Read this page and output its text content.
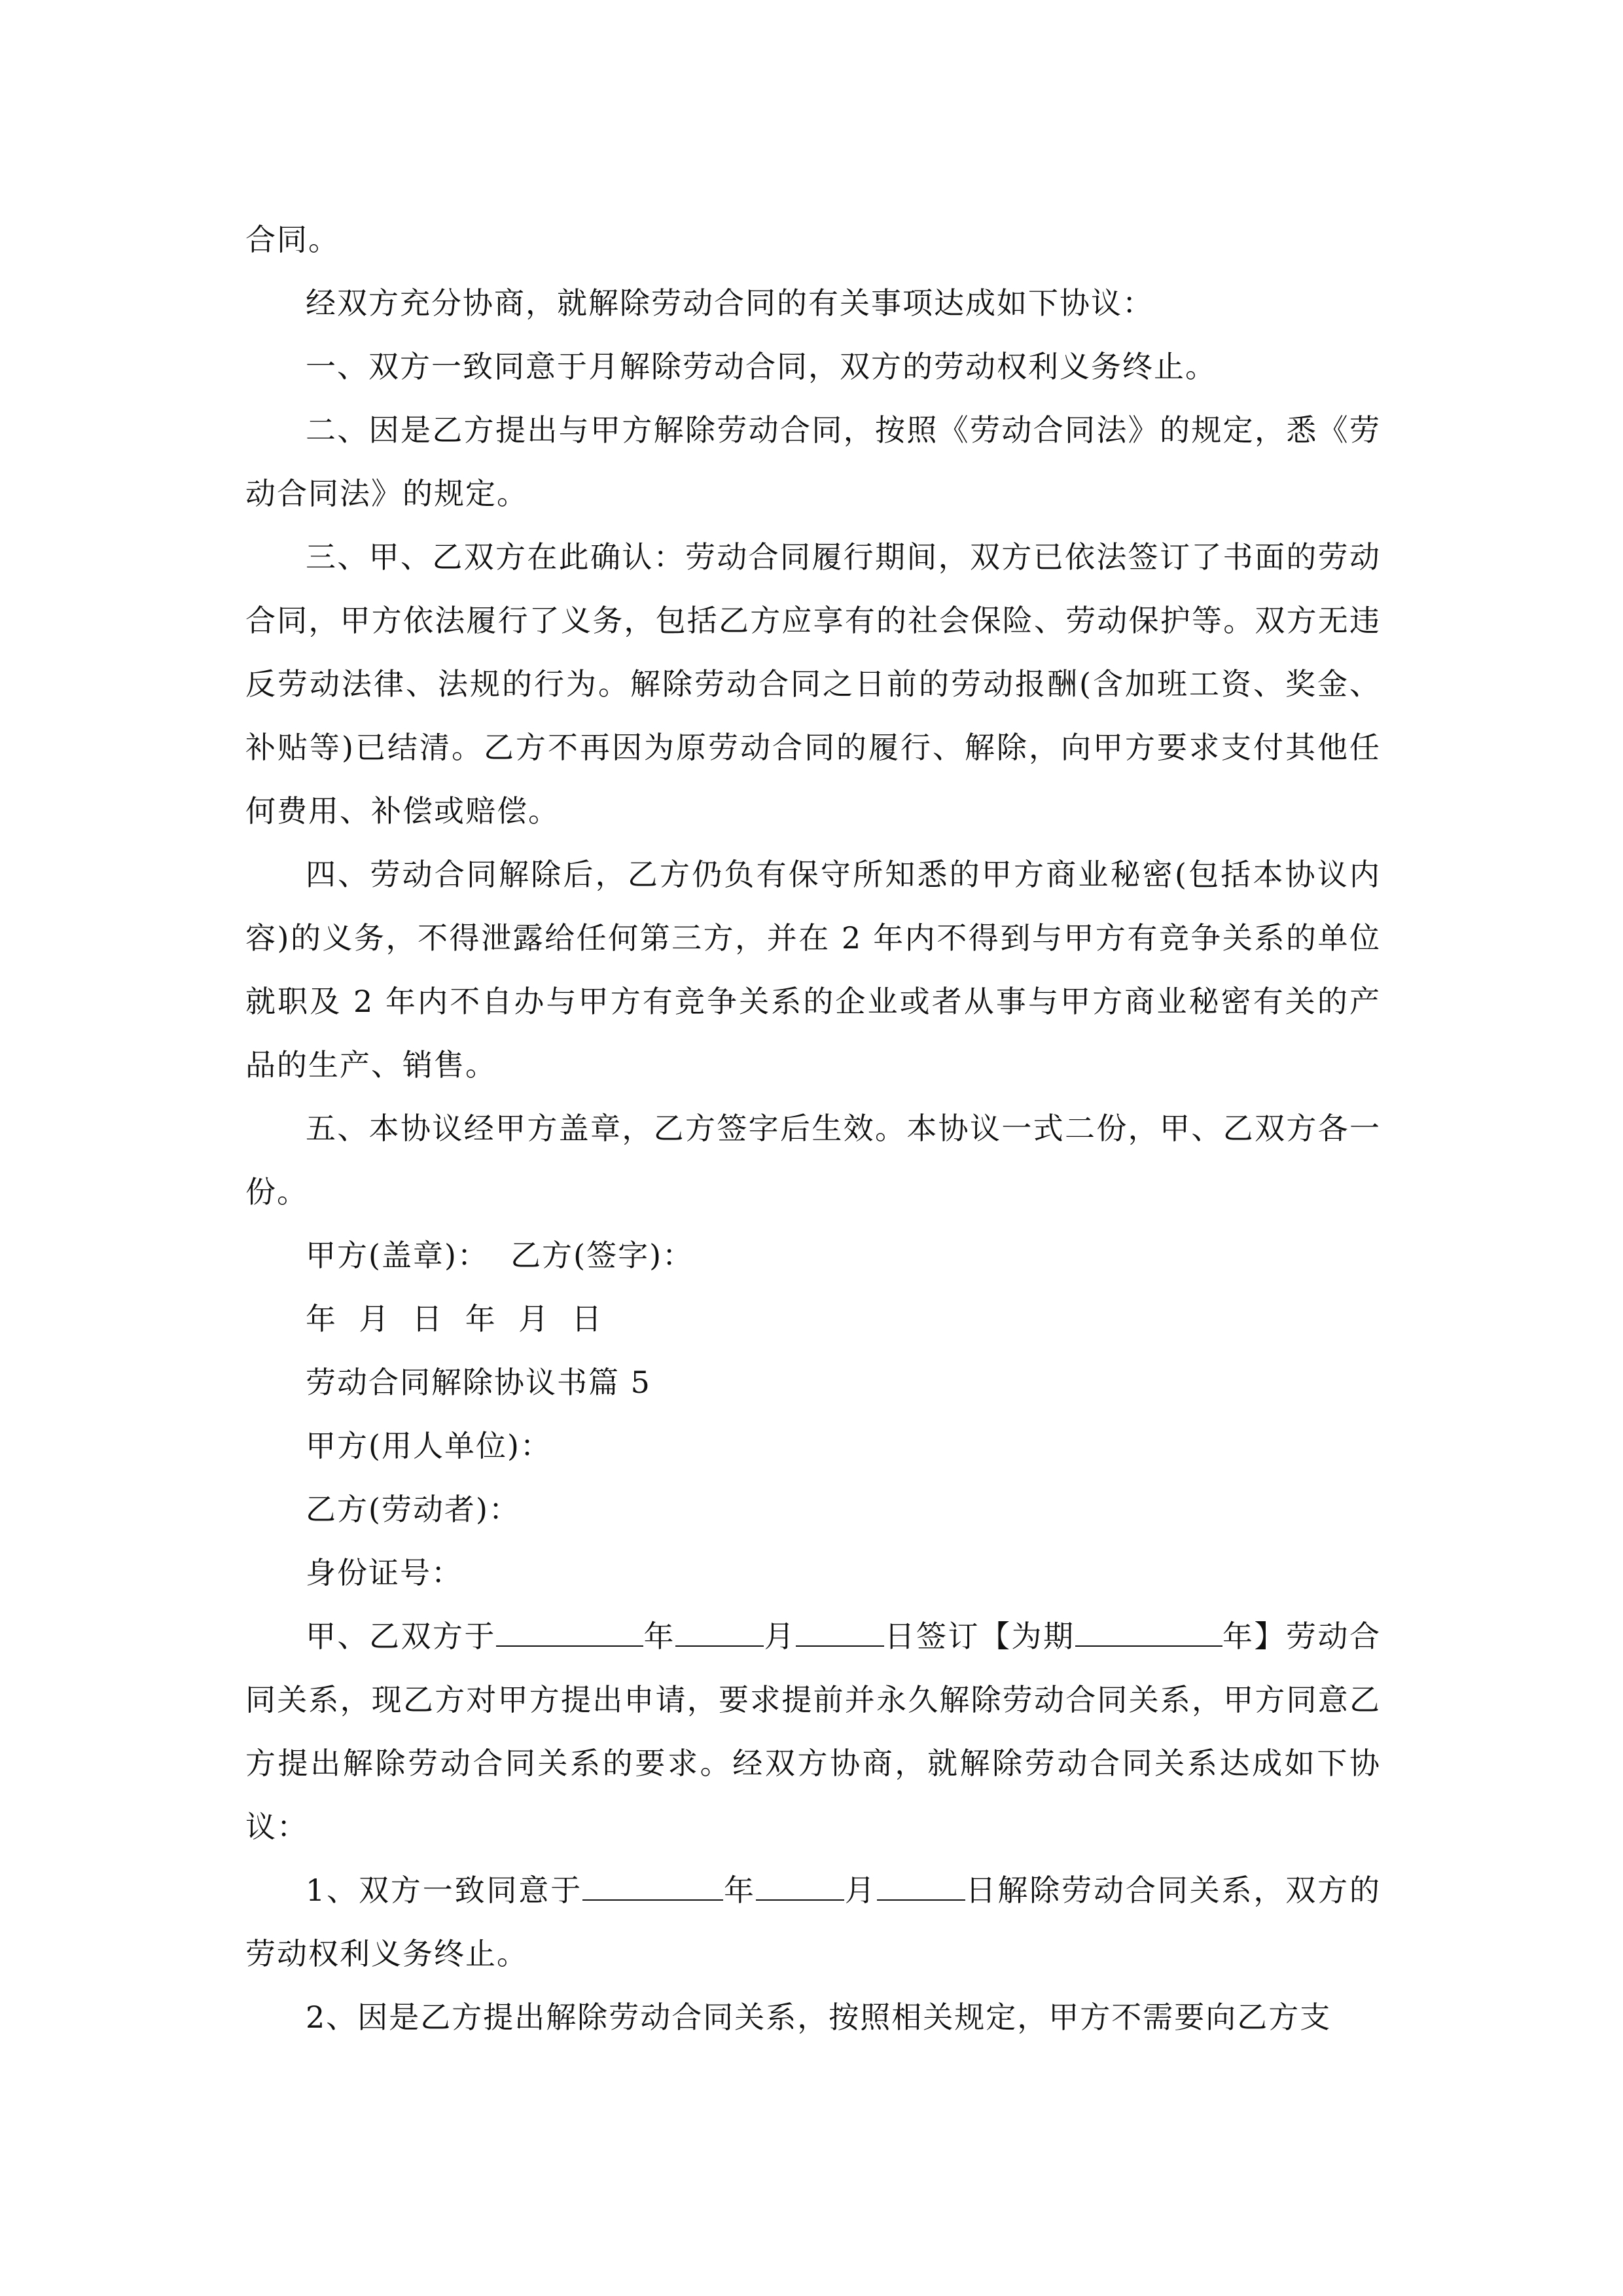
合同。

经双方充分协商，就解除劳动合同的有关事项达成如下协议：

一、双方一致同意于月解除劳动合同，双方的劳动权利义务终止。

二、因是乙方提出与甲方解除劳动合同，按照《劳动合同法》的规定，悉《劳动合同法》的规定。

三、甲、乙双方在此确认：劳动合同履行期间，双方已依法签订了书面的劳动合同，甲方依法履行了义务，包括乙方应享有的社会保险、劳动保护等。双方无违反劳动法律、法规的行为。解除劳动合同之日前的劳动报酬(含加班工资、奖金、补贴等)已结清。乙方不再因为原劳动合同的履行、解除，向甲方要求支付其他任何费用、补偿或赔偿。

四、劳动合同解除后，乙方仍负有保守所知悉的甲方商业秘密(包括本协议内容)的义务，不得泄露给任何第三方，并在 2 年内不得到与甲方有竞争关系的单位就职及 2 年内不自办与甲方有竞争关系的企业或者从事与甲方商业秘密有关的产品的生产、销售。

五、本协议经甲方盖章，乙方签字后生效。本协议一式二份，甲、乙双方各一份。

甲方(盖章)：  乙方(签字)：

年  月  日  年  月  日

劳动合同解除协议书篇 5

甲方(用人单位)：

乙方(劳动者)：

身份证号：

甲、乙双方于	年	月	日签订【为期	年】劳动合同关系，现乙方对甲方提出申请，要求提前并永久解除劳动合同关系，甲方同意乙方提出解除劳动合同关系的要求。经双方协商，就解除劳动合同关系达成如下协议：

1、双方一致同意于	年	月	日解除劳动合同关系，双方的劳动权利义务终止。

2、因是乙方提出解除劳动合同关系，按照相关规定，甲方不需要向乙方支
